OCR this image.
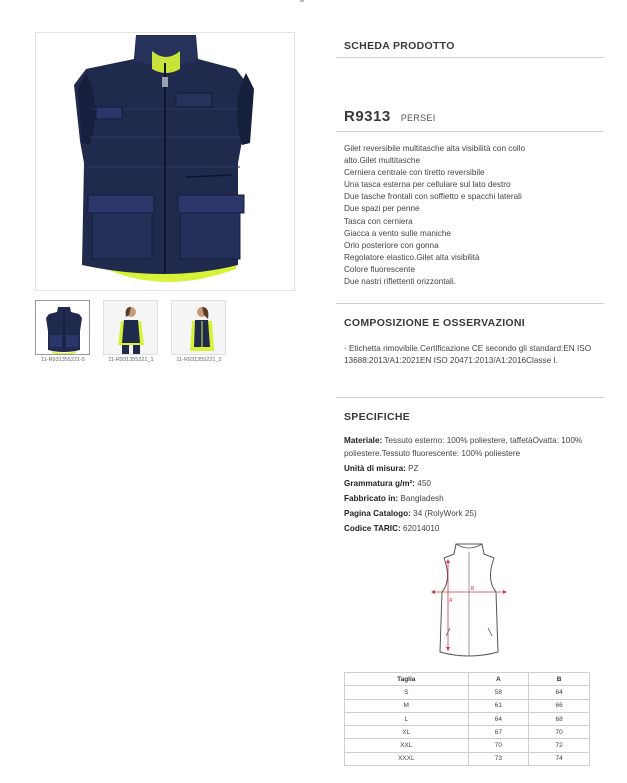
11-R931355221-5	11-R931355221_1	11-R931355221_2
SCHEDA PRODOTTO
R9313 PERSEI
Gilet reversibile multitasche alta visibilità con collo
alto.Gilet multitasche
Cerniera centrale con tiretto reversibile
Una tasca esterna per cellulare sul lato destro
Due tasche frontali con soffietto e spacchi laterali
Due spazi per penne
Tasca con cerniera
Giacca a vento sulle maniche
Orlo posteriore con gonna
Regolatore elastico.Gilet alta visibilità
Colore fluorescente
Due nastri riflettenti orizzontali.
COMPOSIZIONE E OSSERVAZIONI
· Etichetta rimovibile.Certificazione CE secondo gli standard:EN ISO 13688:2013/A1:2021EN ISO 20471:2013/A1:2016Classe I.
SPECIFICHE
Materiale: Tessuto esterno: 100% poliestere, taffetàOvatta: 100% poliestere.Tessuto fluorescente: 100% poliestere
Unità di misura: PZ
Grammatura g/m²: 450
Fabbricato in: Bangladesh
Pagina Catalogo: 34 (RolyWork 25)
Codice TARIC: 62014010
A
B
Taglia	A	B
S	58	64
M	61	66
L	64	68
XL	67	70
XXL	70	72
XXXL	73	74
